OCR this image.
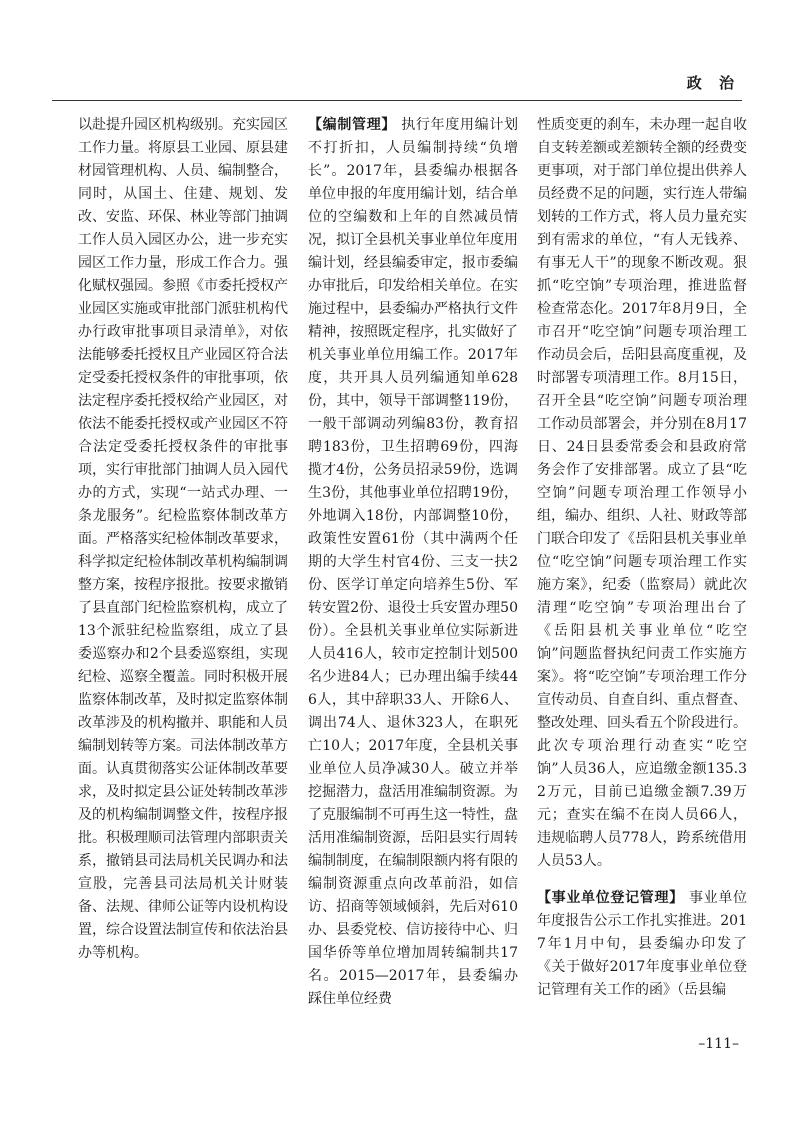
政 治

以赴提升园区机构级别。充实园区工作力量。将原县工业园、原县建材园管理机构、人员、编制整合，同时，从国土、住建、规划、发改、安监、环保、林业等部门抽调工作人员入园区办公，进一步充实园区工作力量，形成工作合力。强化赋权强园。参照《市委托授权产业园区实施或审批部门派驻机构代办行政审批事项目录清单》，对依法能够委托授权且产业园区符合法定受委托授权条件的审批事项，依法定程序委托授权给产业园区，对依法不能委托授权或产业园区不符合法定受委托授权条件的审批事项，实行审批部门抽调人员入园代办的方式，实现“一站式办理、一条龙服务”。纪检监察体制改革方面。严格落实纪检体制改革要求，科学拟定纪检体制改革机构编制调整方案，按程序报批。按要求撤销了县直部门纪检监察机构，成立了13个派驻纪检监察组，成立了县委巡察办和2个县委巡察组，实现纪检、巡察全覆盖。同时积极开展监察体制改革，及时拟定监察体制改革涉及的机构撤并、职能和人员编制划转等方案。司法体制改革方面。认真贯彻落实公证体制改革要求，及时拟定县公证处转制改革涉及的机构编制调整文件，按程序报批。积极理顺司法管理内部职责关系，撤销县司法局机关民调办和法宣股，完善县司法局机关计财装备、法规、律师公证等内设机构设置，综合设置法制宣传和依法治县办等机构。

【编制管理】 执行年度用编计划不打折扣，人员编制持续“负增长”。2017年，县委编办根据各单位申报的年度用编计划，结合单位的空编数和上年的自然减员情况，拟订全县机关事业单位年度用编计划，经县编委审定，报市委编办审批后，印发给相关单位。在实施过程中，县委编办严格执行文件精神，按照既定程序，扎实做好了机关事业单位用编工作。2017年度，共开具人员列编通知单628份，其中，领导干部调整119份，一般干部调动列编83份，教育招聘183份，卫生招聘69份，四海揽才4份，公务员招录59份，选调生3份，其他事业单位招聘19份，外地调入18份，内部调整10份，政策性安置61份（其中满两个任期的大学生村官4份、三支一扶2份、医学订单定向培养生5份、军转安置2份、退役士兵安置办理50份）。全县机关事业单位实际新进人员416人，较市定控制计划500名少进84人；已办理出编手续446人，其中辞职33人、开除6人、调出74人、退休323人，在职死亡10人；2017年度，全县机关事业单位人员净减30人。破立并举挖掘潜力，盘活用准编制资源。为了克服编制不可再生这一特性，盘活用准编制资源，岳阳县实行周转编制制度，在编制限额内将有限的编制资源重点向改革前沿，如信访、招商等领域倾斜，先后对610办、县委党校、信访接待中心、归国华侨等单位增加周转编制共17名。2015—2017年，县委编办踩住单位经费

性质变更的刹车，未办理一起自收自支转差额或差额转全额的经费变更事项，对于部门单位提出供养人员经费不足的问题，实行连人带编划转的工作方式，将人员力量充实到有需求的单位，“有人无钱养、有事无人干”的现象不断改观。狠抓“吃空饷”专项治理，推进监督检查常态化。2017年8月9日，全市召开“吃空饷”问题专项治理工作动员会后，岳阳县高度重视，及时部署专项清理工作。8月15日，召开全县“吃空饷”问题专项治理工作动员部署会，并分别在8月17日、24日县委常委会和县政府常务会作了安排部署。成立了县“吃空饷”问题专项治理工作领导小组，编办、组织、人社、财政等部门联合印发了《岳阳县机关事业单位“吃空饷”问题专项治理工作实施方案》，纪委（监察局）就此次清理“吃空饷”专项治理出台了《岳阳县机关事业单位“吃空饷”问题监督执纪问责工作实施方案》。将“吃空饷”专项治理工作分宣传动员、自查自纠、重点督查、整改处理、回头看五个阶段进行。此次专项治理行动查实“吃空饷”人员36人，应追缴金额135.32万元，目前已追缴金额7.39万元；查实在编不在岗人员66人，违规临聘人员778人，跨系统借用人员53人。

【事业单位登记管理】 事业单位年度报告公示工作扎实推进。2017年1月中旬，县委编办印发了《关于做好2017年度事业单位登记管理有关工作的函》（岳县编

–111–
